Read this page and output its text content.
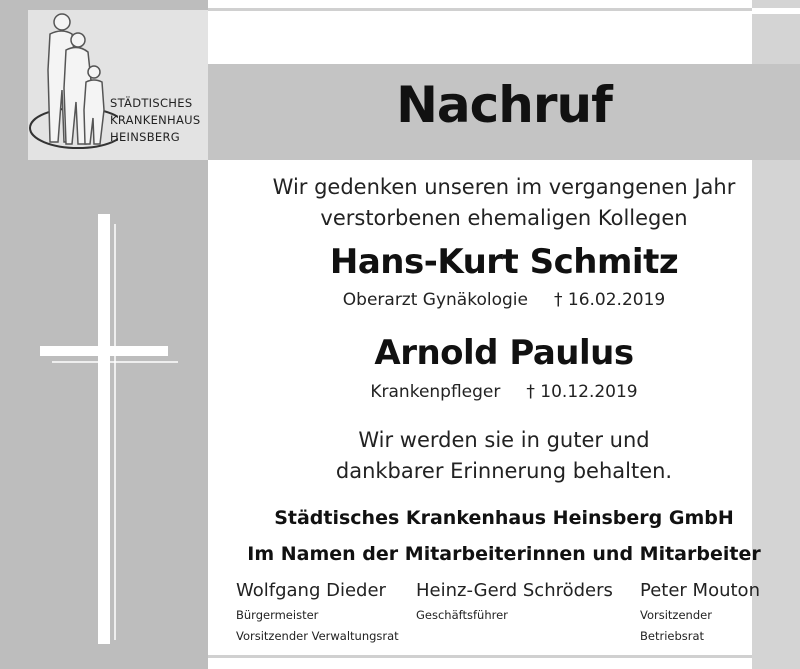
STÄDTISCHES
KRANKENHAUS
HEINSBERG
Nachruf
Wir gedenken unseren im vergangenen Jahr
verstorbenen ehemaligen Kollegen
Hans-Kurt Schmitz
Oberarzt Gynäkologie † 16.02.2019
Arnold Paulus
Krankenpfleger † 10.12.2019
Wir werden sie in guter und
dankbarer Erinnerung behalten.
Städtisches Krankenhaus Heinsberg GmbH
Im Namen der Mitarbeiterinnen und Mitarbeiter
Wolfgang Dieder
Bürgermeister
Vorsitzender Verwaltungsrat
Heinz-Gerd Schröders
Geschäftsführer
Peter Mouton
Vorsitzender
Betriebsrat
